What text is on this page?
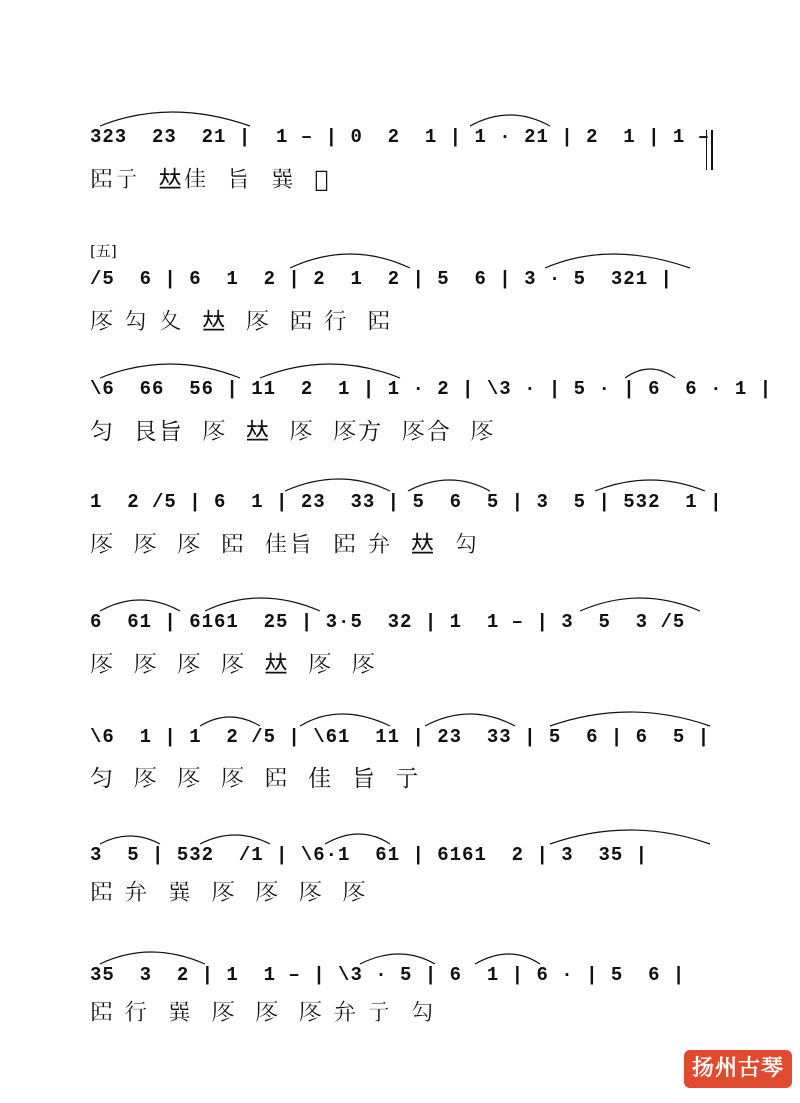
323  23  21 |  1 – | 0  2  1 | 1 · 21 | 2  1 | 1 –
𠥓亍  𠀤佳  旨  𢁉  𣃠
[五]
/5  6 | 6  1  2 | 2  1  2 | 5  6 | 3 · 5  321 |
𠩁 勾 夊  𠀤  𠩁  𠥓 行  𠥓
\6  66  56 | 11  2  1 | 1 · 2 | \3 · | 5 · | 6  6 · 1 |
匀  艮旨  𠩁  𠀤  𠩁  𠩁方  𠩁合  𠩁
1  2 /5 | 6  1 | 23  33 | 5  6  5 | 3  5 | 532  1 |
𠩁  𠩁  𠩁  𠥓  佳旨  𠥓 弁  𠀤  勾
6  61 | 6161  25 | 3·5  32 | 1  1 – | 3  5  3 /5
𠩁  𠩁  𠩁  𠩁  𠀤  𠩁  𠩁
\6  1 | 1  2 /5 | \61  11 | 23  33 | 5  6 | 6  5 |
匀  𠩁  𠩁  𠩁  𠥓  佳  旨  亍
3  5 | 532  /1 | \6·1  61 | 6161  2 | 3  35 |
𠥓 弁  𢁉  𠩁  𠩁  𠩁  𠩁
35  3  2 | 1  1 – | \3 · 5 | 6  1 | 6 · | 5  6 |
𠥓 行  𢁉  𠩁  𠩁  𠩁 弁 亍  勾
扬州古琴
